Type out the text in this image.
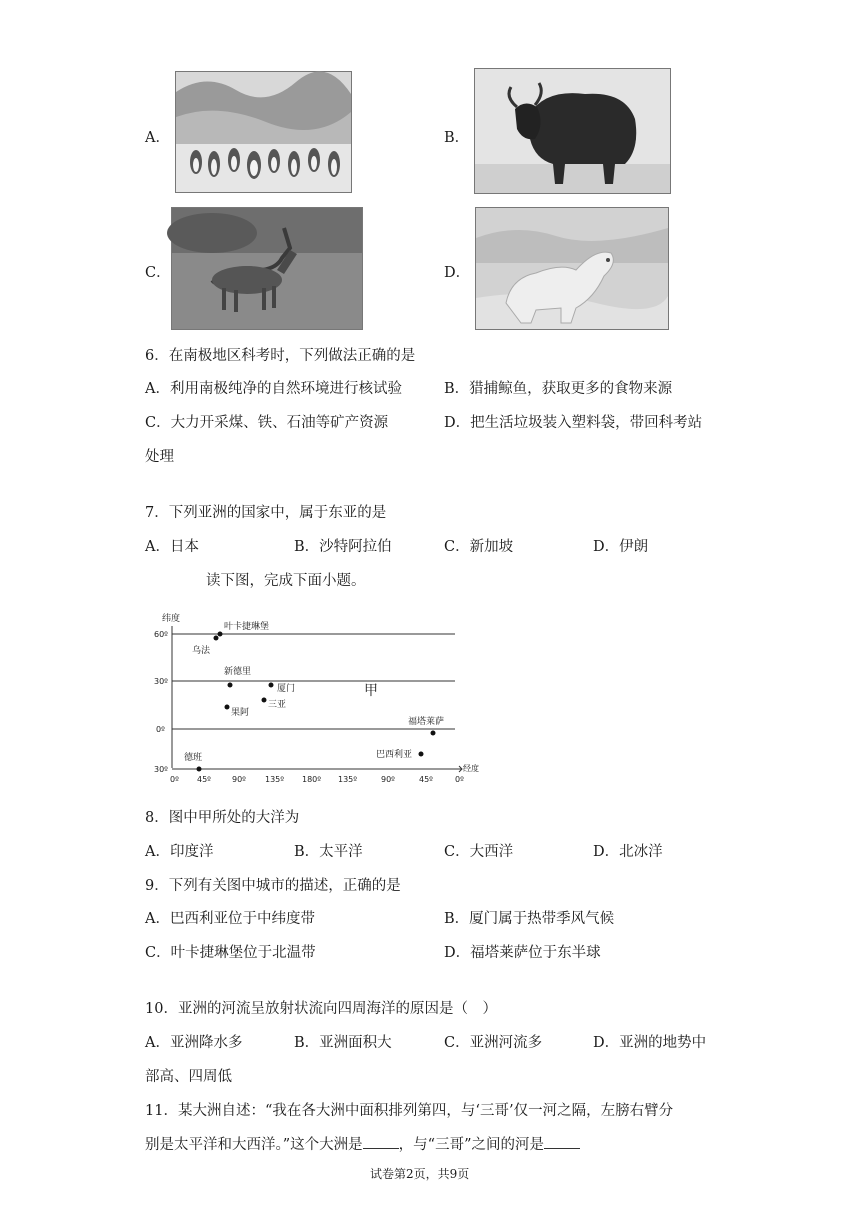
A．	B．
C．	D．
6．在南极地区科考时，下列做法正确的是
A．利用南极纯净的自然环境进行核试验	B．猎捕鲸鱼，获取更多的食物来源
C．大力开采煤、铁、石油等矿产资源	D．把生活垃圾装入塑料袋，带回科考站
处理
7．下列亚洲的国家中，属于东亚的是
A．日本	B．沙特阿拉伯	C．新加坡	D．伊朗
读下图，完成下面小题。
纬度
60º
30º
0º
30º
0º 45º	90º 135º 180º 135º	90º	45º	0º
经度
叶卡捷琳堡
乌法
新德里
厦门
三亚
果阿
甲
福塔莱萨
巴西利亚
德班
8．图中甲所处的大洋为
A．印度洋	B．太平洋	C．大西洋	D．北冰洋
9．下列有关图中城市的描述，正确的是
A．巴西利亚位于中纬度带	B．厦门属于热带季风气候
C．叶卡捷琳堡位于北温带	D．福塔莱萨位于东半球
10．亚洲的河流呈放射状流向四周海洋的原因是（　）
A．亚洲降水多	B．亚洲面积大	C．亚洲河流多	D．亚洲的地势中
部高、四周低
11．某大洲自述：“我在各大洲中面积排列第四，与‘三哥’仅一河之隔，左膀右臂分
别是太平洋和大西洋。”这个大洲是 ，与“三哥”之间的河是
试卷第2页，共9页
